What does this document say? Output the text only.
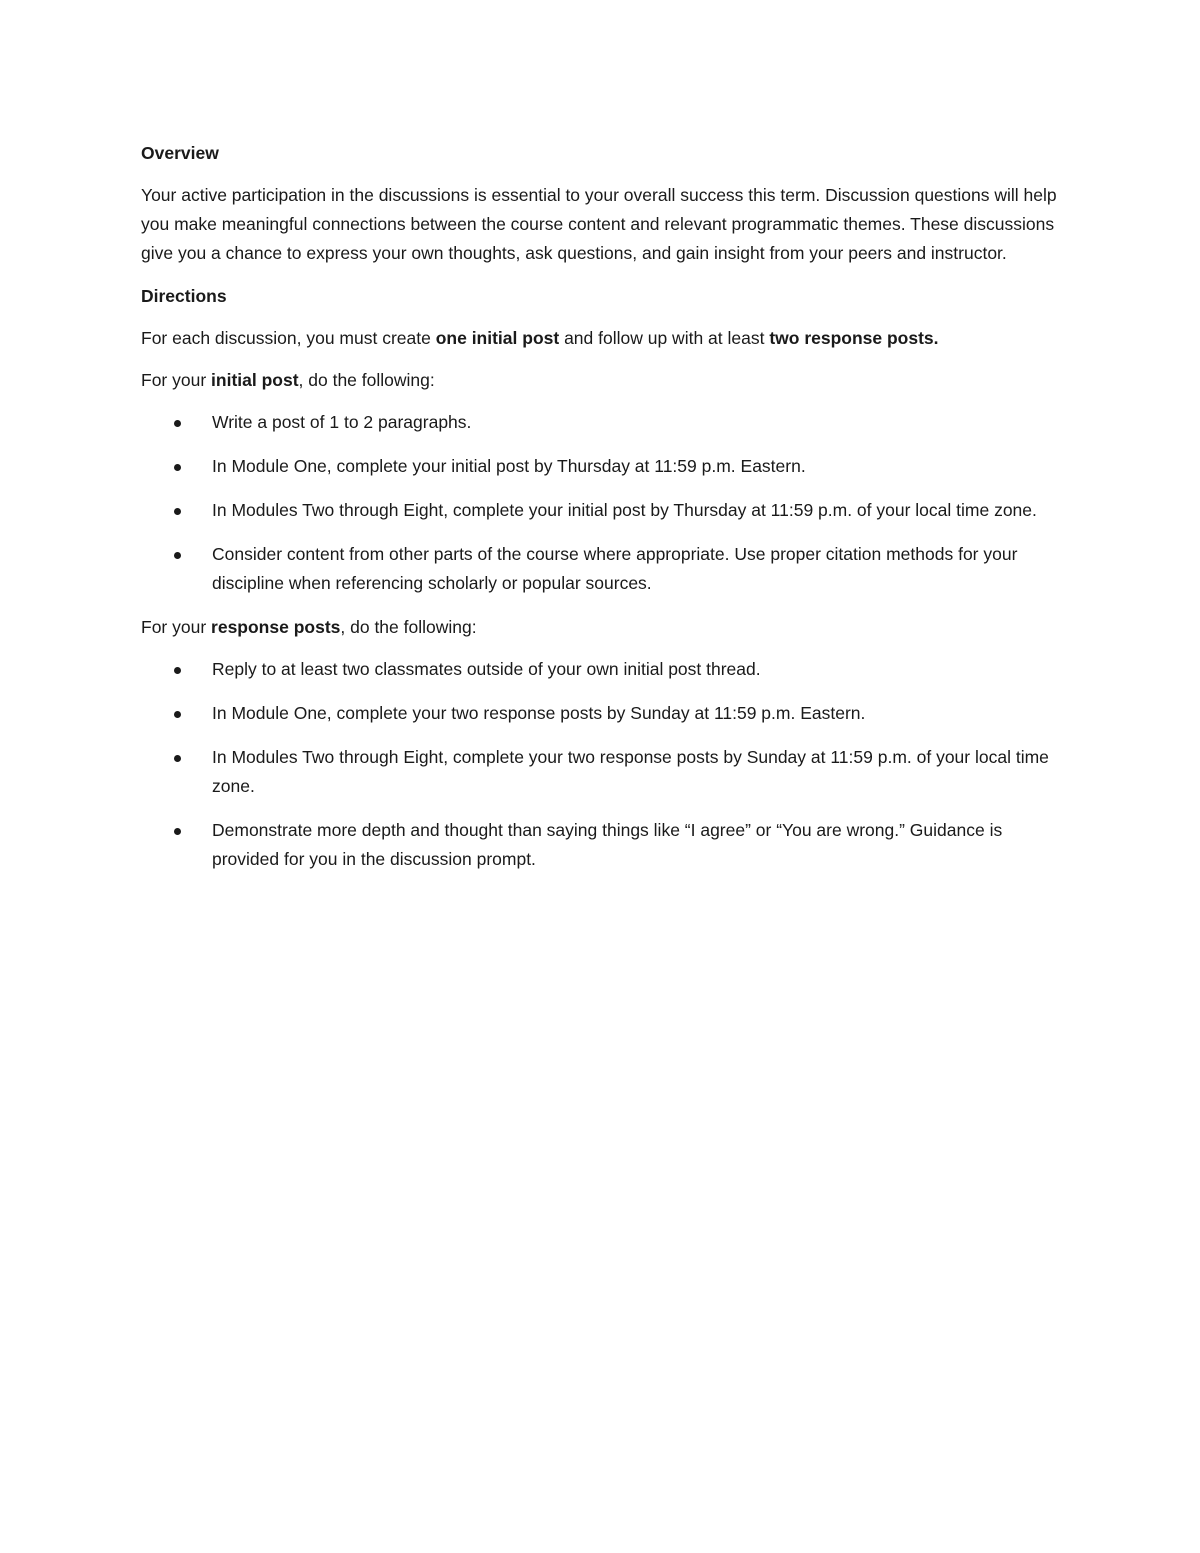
Overview

Your active participation in the discussions is essential to your overall success this term. Discussion questions will help you make meaningful connections between the course content and relevant programmatic themes. These discussions give you a chance to express your own thoughts, ask questions, and gain insight from your peers and instructor.

Directions

For each discussion, you must create one initial post and follow up with at least two response posts.

For your initial post, do the following:

Write a post of 1 to 2 paragraphs.
In Module One, complete your initial post by Thursday at 11:59 p.m. Eastern.
In Modules Two through Eight, complete your initial post by Thursday at 11:59 p.m. of your local time zone.
Consider content from other parts of the course where appropriate. Use proper citation methods for your discipline when referencing scholarly or popular sources.

For your response posts, do the following:

Reply to at least two classmates outside of your own initial post thread.
In Module One, complete your two response posts by Sunday at 11:59 p.m. Eastern.
In Modules Two through Eight, complete your two response posts by Sunday at 11:59 p.m. of your local time zone.
Demonstrate more depth and thought than saying things like “I agree” or “You are wrong.” Guidance is provided for you in the discussion prompt.
